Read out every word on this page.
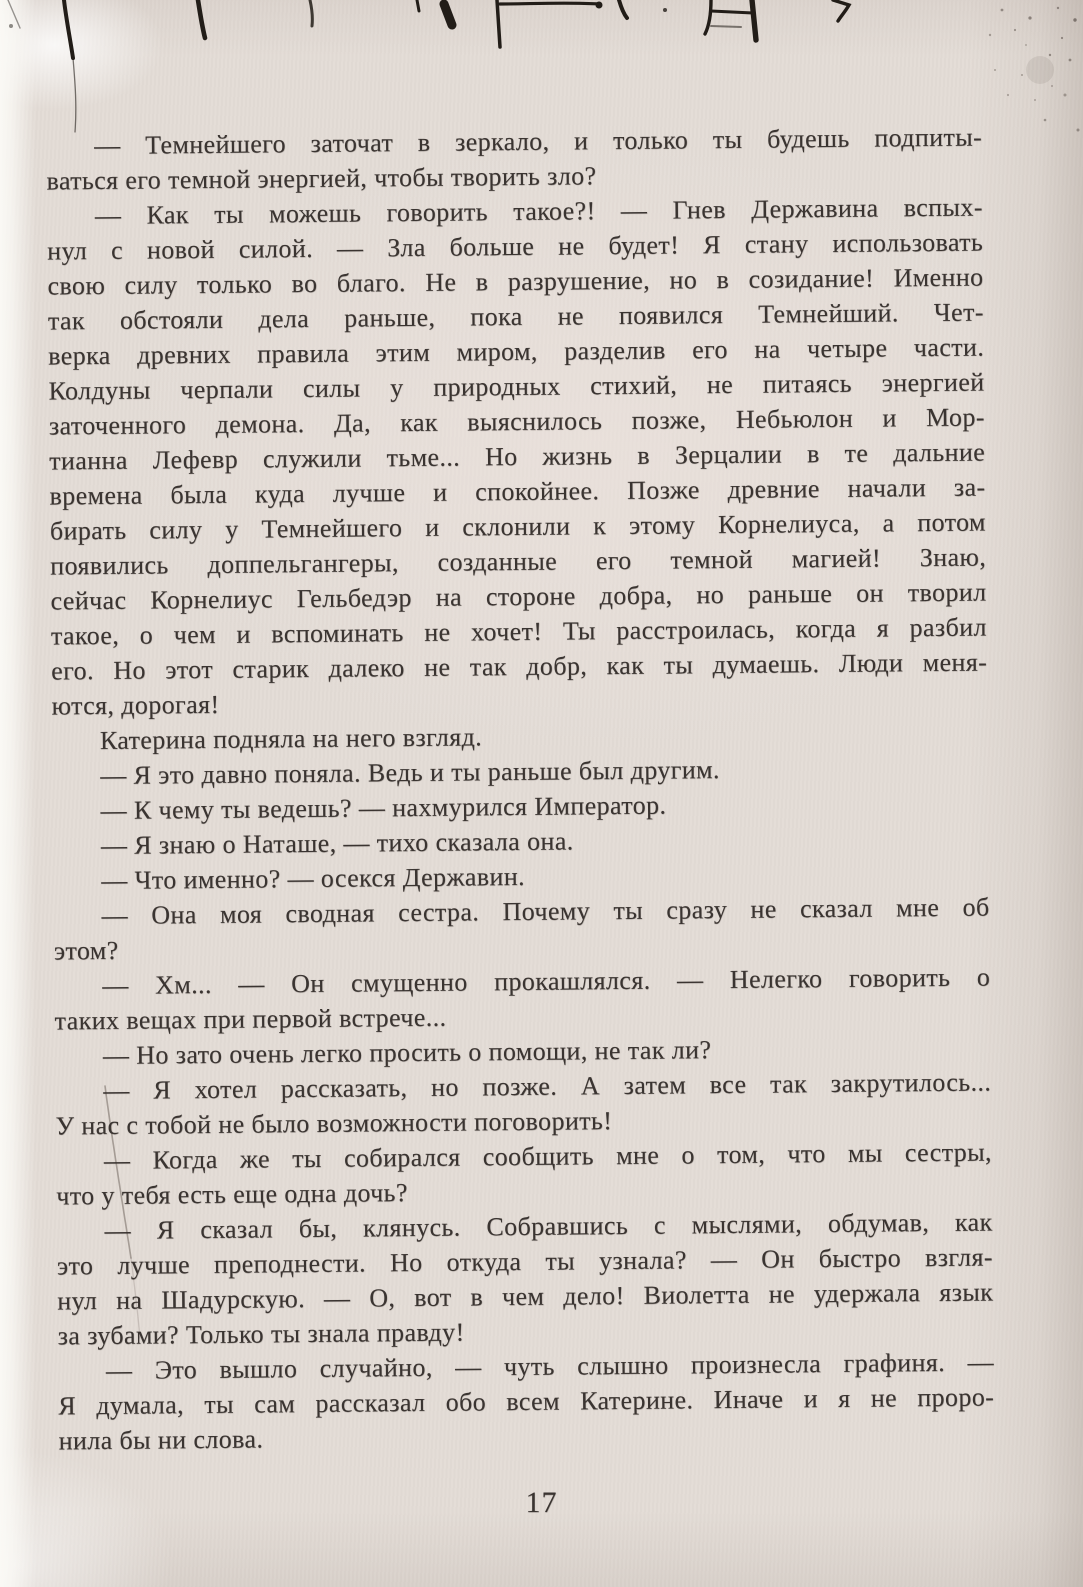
— Темнейшего заточат в зеркало, и только ты будешь подпиты-
ваться его темной энергией, чтобы творить зло?
— Как ты можешь говорить такое?! — Гнев Державина вспых-
нул с новой силой. — Зла больше не будет! Я стану использовать
свою силу только во благо. Не в разрушение, но в созидание! Именно
так обстояли дела раньше, пока не появился Темнейший. Чет-
верка древних правила этим миром, разделив его на четыре части.
Колдуны черпали силы у природных стихий, не питаясь энергией
заточенного демона. Да, как выяснилось позже, Небьюлон и Мор-
тианна Лефевр служили тьме... Но жизнь в Зерцалии в те дальние
времена была куда лучше и спокойнее. Позже древние начали за-
бирать силу у Темнейшего и склонили к этому Корнелиуса, а потом
появились доппельгангеры, созданные его темной магией! Знаю,
сейчас Корнелиус Гельбедэр на стороне добра, но раньше он творил
такое, о чем и вспоминать не хочет! Ты расстроилась, когда я разбил
его. Но этот старик далеко не так добр, как ты думаешь. Люди меня-
ются, дорогая!
Катерина подняла на него взгляд.
— Я это давно поняла. Ведь и ты раньше был другим.
— К чему ты ведешь? — нахмурился Император.
— Я знаю о Наташе, — тихо сказала она.
— Что именно? — осекся Державин.
— Она моя сводная сестра. Почему ты сразу не сказал мне об
этом?
— Хм... — Он смущенно прокашлялся. — Нелегко говорить о
таких вещах при первой встрече...
— Но зато очень легко просить о помощи, не так ли?
— Я хотел рассказать, но позже. А затем все так закрутилось...
У нас с тобой не было возможности поговорить!
— Когда же ты собирался сообщить мне о том, что мы сестры,
что у тебя есть еще одна дочь?
— Я сказал бы, клянусь. Собравшись с мыслями, обдумав, как
это лучше преподнести. Но откуда ты узнала? — Он быстро взгля-
нул на Шадурскую. — О, вот в чем дело! Виолетта не удержала язык
за зубами? Только ты знала правду!
— Это вышло случайно, — чуть слышно произнесла графиня. —
Я думала, ты сам рассказал обо всем Катерине. Иначе и я не проро-
нила бы ни слова.
17
